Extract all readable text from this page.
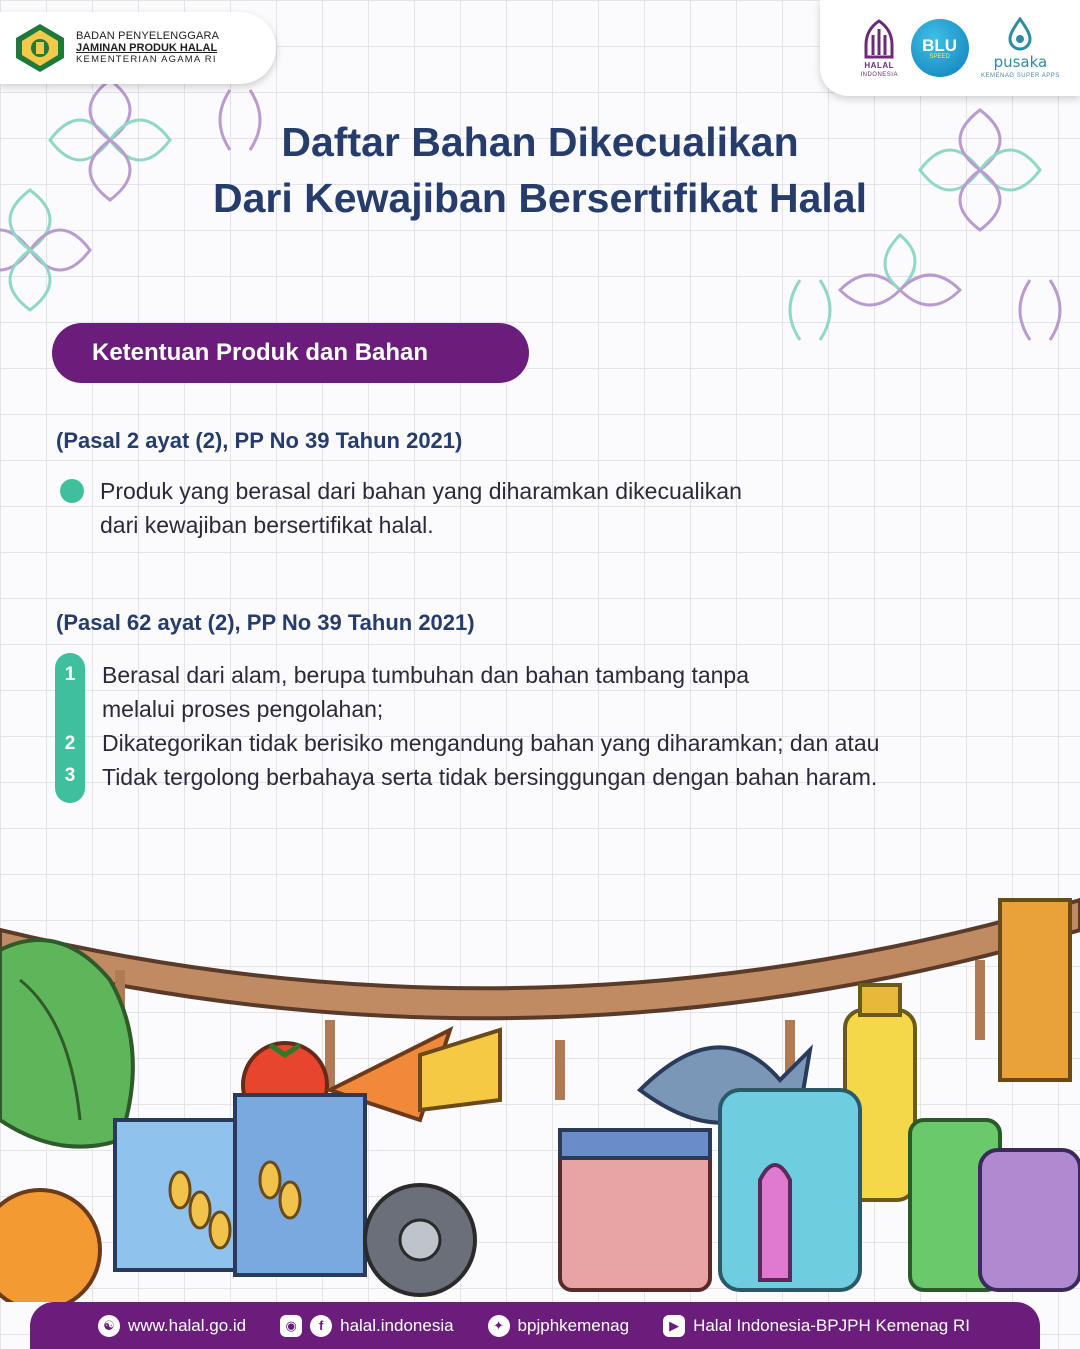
BADAN PENYELENGGARA
JAMINAN PRODUK HALAL
KEMENTERIAN AGAMA RI
HALAL
INDONESIA
BLU
SPEED	pusaka
KEMENAG SUPER APPS
Daftar Bahan Dikecualikan
Dari Kewajiban Bersertifikat Halal
Ketentuan Produk dan Bahan
(Pasal 2 ayat (2), PP No 39 Tahun 2021)
Produk yang berasal dari bahan yang diharamkan dikecualikan
dari kewajiban bersertifikat halal.
(Pasal 62 ayat (2), PP No 39 Tahun 2021)
1
2
3
Berasal dari alam, berupa tumbuhan dan bahan tambang tanpa
melalui proses pengolahan;
Dikategorikan tidak berisiko mengandung bahan yang diharamkan; dan atau
Tidak tergolong berbahaya serta tidak bersinggungan dengan bahan haram.
☯ www.halal.go.id	◉	f halal.indonesia	✦ bpjphkemenag	▶ Halal Indonesia-BPJPH Kemenag RI
